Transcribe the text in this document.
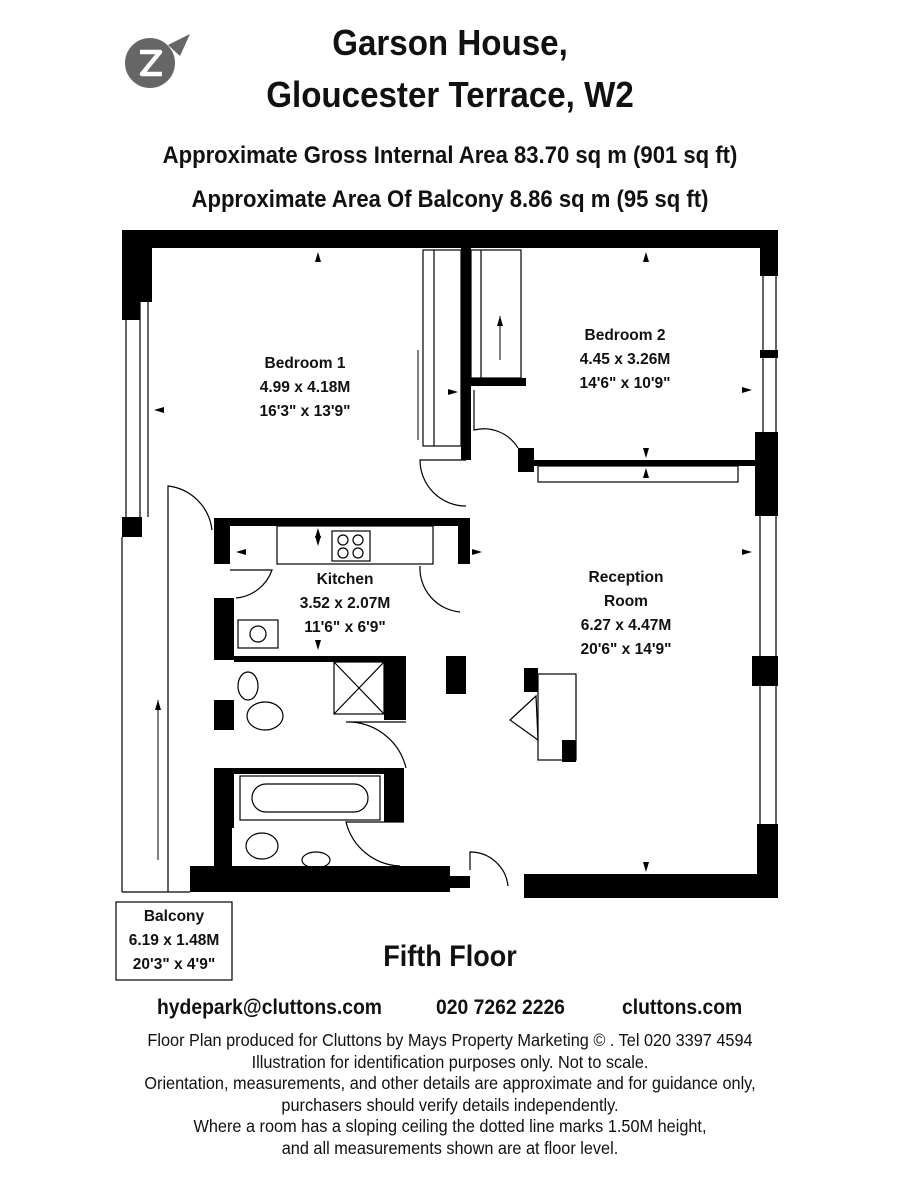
Garson House,
Gloucester Terrace, W2
Approximate Gross Internal Area 83.70 sq m (901 sq ft)
Approximate Area Of Balcony 8.86 sq m (95 sq ft)
Bedroom 1
4.99 x 4.18M
16'3" x 13'9"
Bedroom 2
4.45 x 3.26M
14'6" x 10'9"
Kitchen
3.52 x 2.07M
11'6" x 6'9"
Reception
Room
6.27 x 4.47M
20'6" x 14'9"
Balcony
6.19 x 1.48M
20'3" x 4'9"	Fifth Floor
hydepark@cluttons.com	020 7262 2226	cluttons.com
Floor Plan produced for Cluttons by Mays Property Marketing © . Tel 020 3397 4594
Illustration for identification purposes only. Not to scale.
Orientation, measurements, and other details are approximate and for guidance only,
purchasers should verify details independently.
Where a room has a sloping ceiling the dotted line marks 1.50M height,
and all measurements shown are at floor level.
